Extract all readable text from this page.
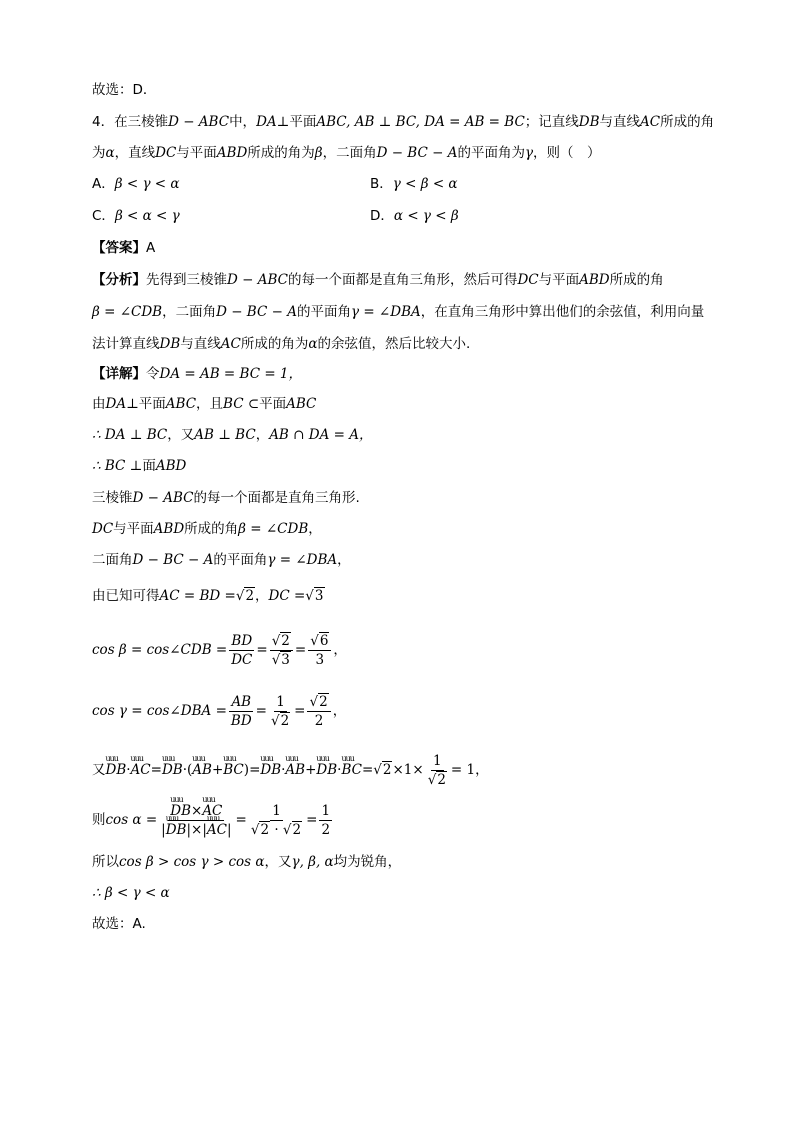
故选：D．
4．在三棱锥D − ABC中，DA⊥平面ABC, AB ⊥ BC, DA = AB = BC；记直线DB与直线AC所成的角
为α，直线DC与平面ABD所成的角为β，二面角D − BC − A的平面角为γ，则（　）
A．β < γ < α	B．γ < β < α
C．β < α < γ	D．α < γ < β
【答案】A
【分析】先得到三棱锥D − ABC的每一个面都是直角三角形，然后可得DC与平面ABD所成的角
β = ∠CDB，二面角D − BC − A的平面角γ = ∠DBA，在直角三角形中算出他们的余弦值，利用向量
法计算直线DB与直线AC所成的角为α的余弦值，然后比较大小.
【详解】令DA = AB = BC = 1，
由DA⊥平面ABC，且BC ⊂平面ABC
∴ DA ⊥ BC，又AB ⊥ BC，AB ∩ DA = A，
∴ BC ⊥面ABD
三棱锥D − ABC的每一个面都是直角三角形.
DC与平面ABD所成的角β = ∠CDB，
二面角D − BC − A的平面角γ = ∠DBA，
由已知可得AC = BD =√2，DC =√3
cos β = cos∠CDB = $\frac{BD}{DC} = \frac{√2}{√3} = \frac{√6}{3}$ ，
cos γ = cos∠DBA = $\frac{AB}{BD} = \frac{1}{√2} = \frac{√2}{2}$ ，
又uuu DB·uuu AC=uuu DB·(uuu AB+uuu BC)=uuu DB·uuu AB+uuu DB·uuu $BC=√2\times 1\times \frac{1}{√2} = 1$，
则cos α =
uuu $\frac{\text{DB×uuu AC}}{\text{|uuu DB|×|uuu AC|}} = \frac{1}{√2 \cdot √2} = \frac{1}{2}$
所以cos β > cos γ > cos α，又γ, β, α均为锐角，
∴ β < γ < α
故选：A.
